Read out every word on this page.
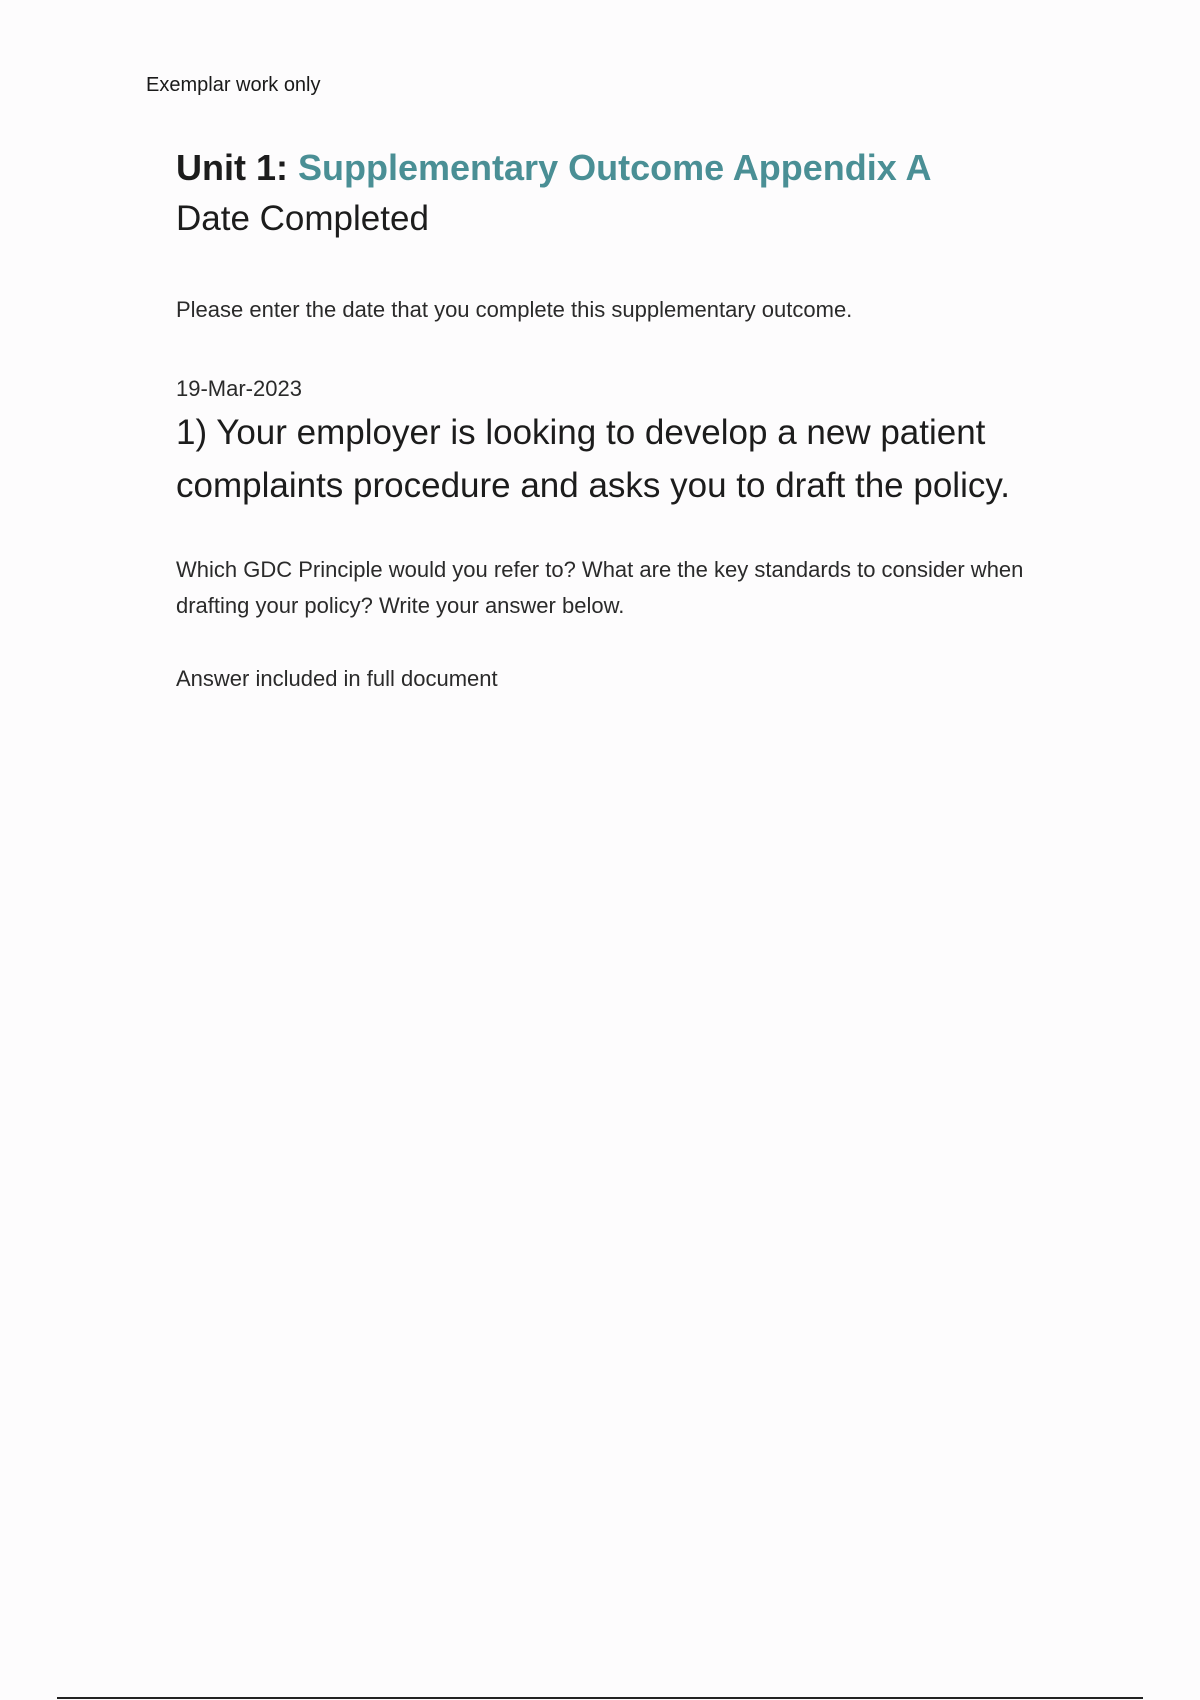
Exemplar work only
Unit 1: Supplementary Outcome Appendix A
Date Completed

Please enter the date that you complete this supplementary outcome.

19-Mar-2023

1) Your employer is looking to develop a new patient complaints procedure and asks you to draft the policy.

Which GDC Principle would you refer to? What are the key standards to consider when drafting your policy? Write your answer below.

Answer included in full document
